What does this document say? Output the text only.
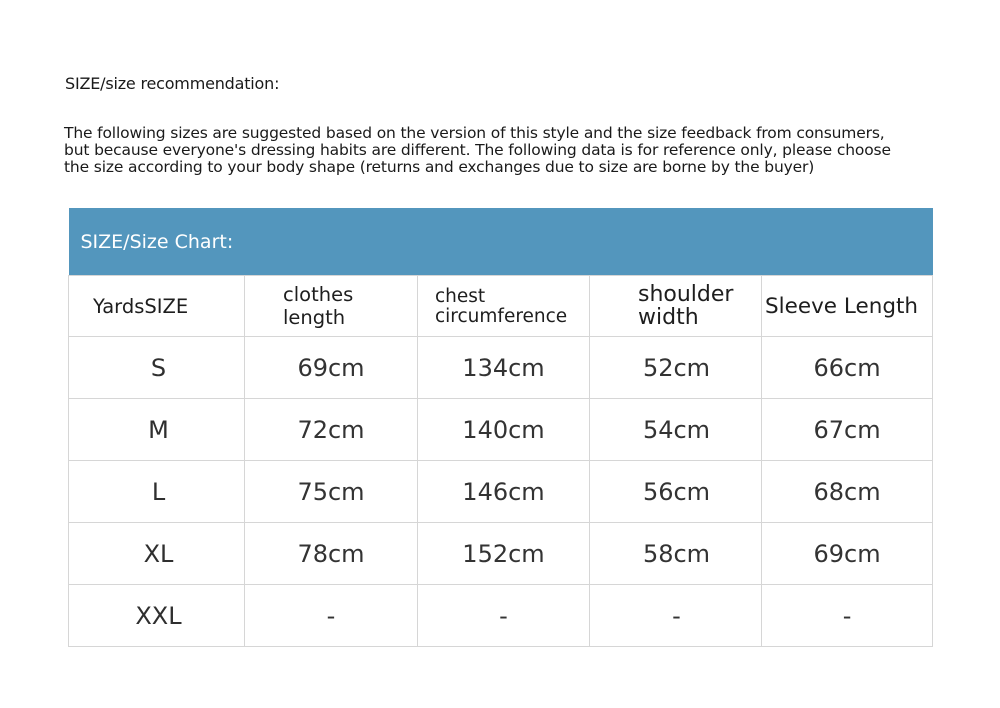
SIZE/size recommendation:
The following sizes are suggested based on the version of this style and the size feedback from consumers,
but because everyone's dressing habits are different. The following data is for reference only, please choose
the size according to your body shape (returns and exchanges due to size are borne by the buyer)
SIZE/Size Chart:				

YardsSIZE	clothes length	chest circumference	shoulder width	Sleeve Length

S	69cm	134cm	52cm	66cm
M	72cm	140cm	54cm	67cm
L	75cm	146cm	56cm	68cm
XL	78cm	152cm	58cm	69cm
XXL	-	-	-	-
